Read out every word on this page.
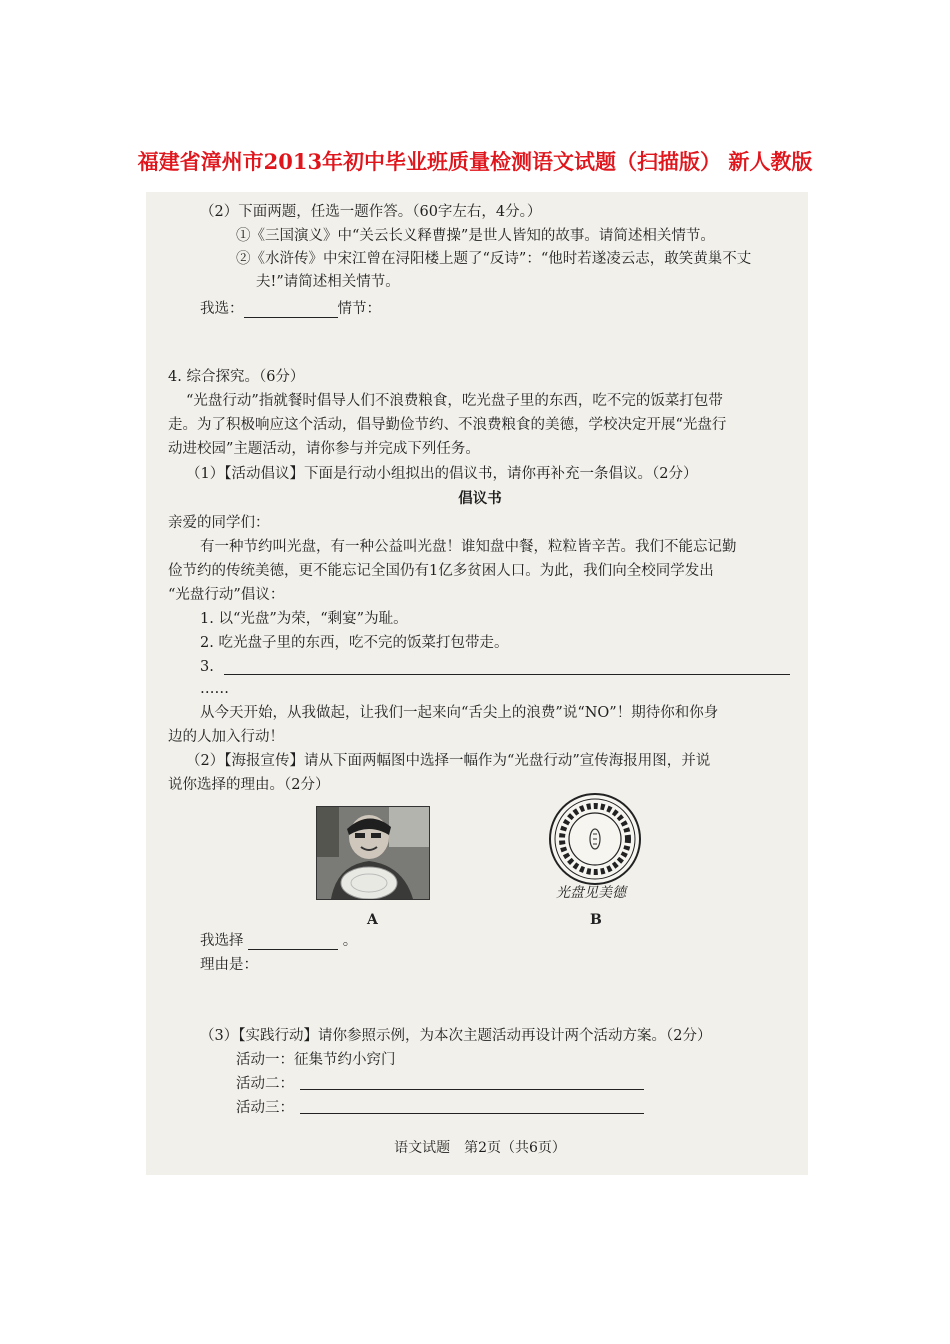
福建省漳州市2013年初中毕业班质量检测语文试题（扫描版） 新人教版
（2）下面两题，任选一题作答。（60字左右，4分。）
①《三国演义》中“关云长义释曹操”是世人皆知的故事。请简述相关情节。
②《水浒传》中宋江曾在浔阳楼上题了“反诗”：“他时若遂凌云志，敢笑黄巢不丈
夫!”请简述相关情节。
我选：	情节：
4. 综合探究。（6分）
“光盘行动”指就餐时倡导人们不浪费粮食，吃光盘子里的东西，吃不完的饭菜打包带
走。为了积极响应这个活动，倡导勤俭节约、不浪费粮食的美德，学校决定开展“光盘行
动进校园”主题活动，请你参与并完成下列任务。
（1）【活动倡议】下面是行动小组拟出的倡议书，请你再补充一条倡议。（2分）
倡议书
亲爱的同学们：
有一种节约叫光盘，有一种公益叫光盘！谁知盘中餐，粒粒皆辛苦。我们不能忘记勤
俭节约的传统美德，更不能忘记全国仍有1亿多贫困人口。为此，我们向全校同学发出
“光盘行动”倡议：
1. 以“光盘”为荣，“剩宴”为耻。
2. 吃光盘子里的东西，吃不完的饭菜打包带走。
3.
……
从今天开始，从我做起，让我们一起来向“舌尖上的浪费”说“NO”！期待你和你身
边的人加入行动！
（2）【海报宣传】请从下面两幅图中选择一幅作为“光盘行动”宣传海报用图，并说
说你选择的理由。（2分）
A
光盘见美德
B
我选择	。
理由是：
（3）【实践行动】请你参照示例，为本次主题活动再设计两个活动方案。（2分）
活动一：征集节约小窍门
活动二：
活动三：
语文试题　第2页（共6页）
